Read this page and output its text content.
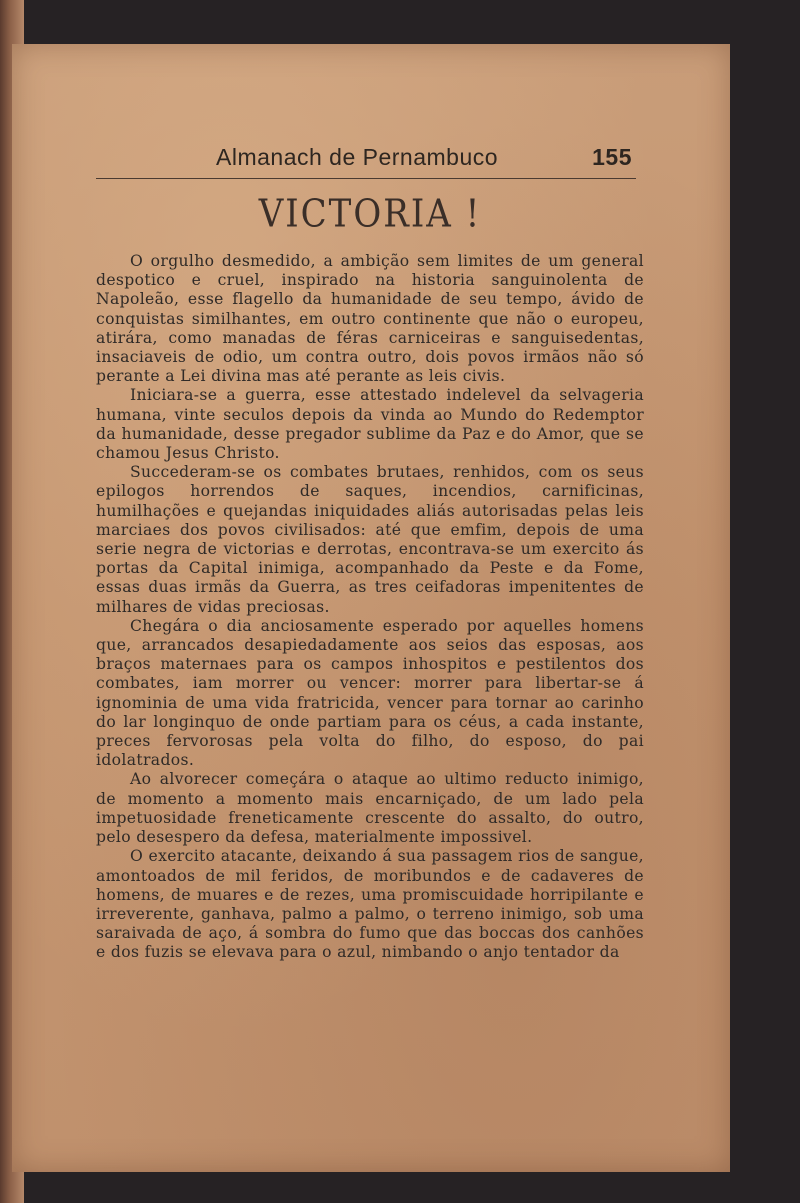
Almanach de Pernambuco	155
VICTORIA !

O orgulho desmedido, a ambição sem limites de um general despotico e cruel, inspirado na historia sanguinolenta de Napoleão, esse flagello da humanidade de seu tempo, ávido de conquistas similhantes, em outro continente que não o europeu, atirára, como manadas de féras carniceiras e sanguisedentas, insaciaveis de odio, um contra outro, dois povos irmãos não só perante a Lei divina mas até perante as leis civis.

Iniciara-se a guerra, esse attestado indelevel da selvageria humana, vinte seculos depois da vinda ao Mundo do Redemptor da humanidade, desse pregador sublime da Paz e do Amor, que se chamou Jesus Christo.

Succederam-se os combates brutaes, renhidos, com os seus epilogos horrendos de saques, incendios, carnificinas, humilhações e quejandas iniquidades aliás autorisadas pelas leis marciaes dos povos civilisados: até que emfim, depois de uma serie negra de victorias e derrotas, encontrava-se um exercito ás portas da Capital inimiga, acompanhado da Peste e da Fome, essas duas irmãs da Guerra, as tres ceifadoras impenitentes de milhares de vidas preciosas.

Chegára o dia anciosamente esperado por aquelles homens que, arrancados desapiedadamente aos seios das esposas, aos braços maternaes para os campos inhospitos e pestilentos dos combates, iam morrer ou vencer: morrer para libertar-se á ignominia de uma vida fratricida, vencer para tornar ao carinho do lar longinquo de onde partiam para os céus, a cada instante, preces fervorosas pela volta do filho, do esposo, do pai idolatrados.

Ao alvorecer começára o ataque ao ultimo reducto inimigo, de momento a momento mais encarniçado, de um lado pela impetuosidade freneticamente crescente do assalto, do outro, pelo desespero da defesa, materialmente impossivel.

O exercito atacante, deixando á sua passagem rios de sangue, amontoados de mil feridos, de moribundos e de cadaveres de homens, de muares e de rezes, uma promiscuidade horripilante e irreverente, ganhava, palmo a palmo, o terreno inimigo, sob uma saraivada de aço, á sombra do fumo que das boccas dos canhões e dos fuzis se elevava para o azul, nimbando o anjo tentador da
